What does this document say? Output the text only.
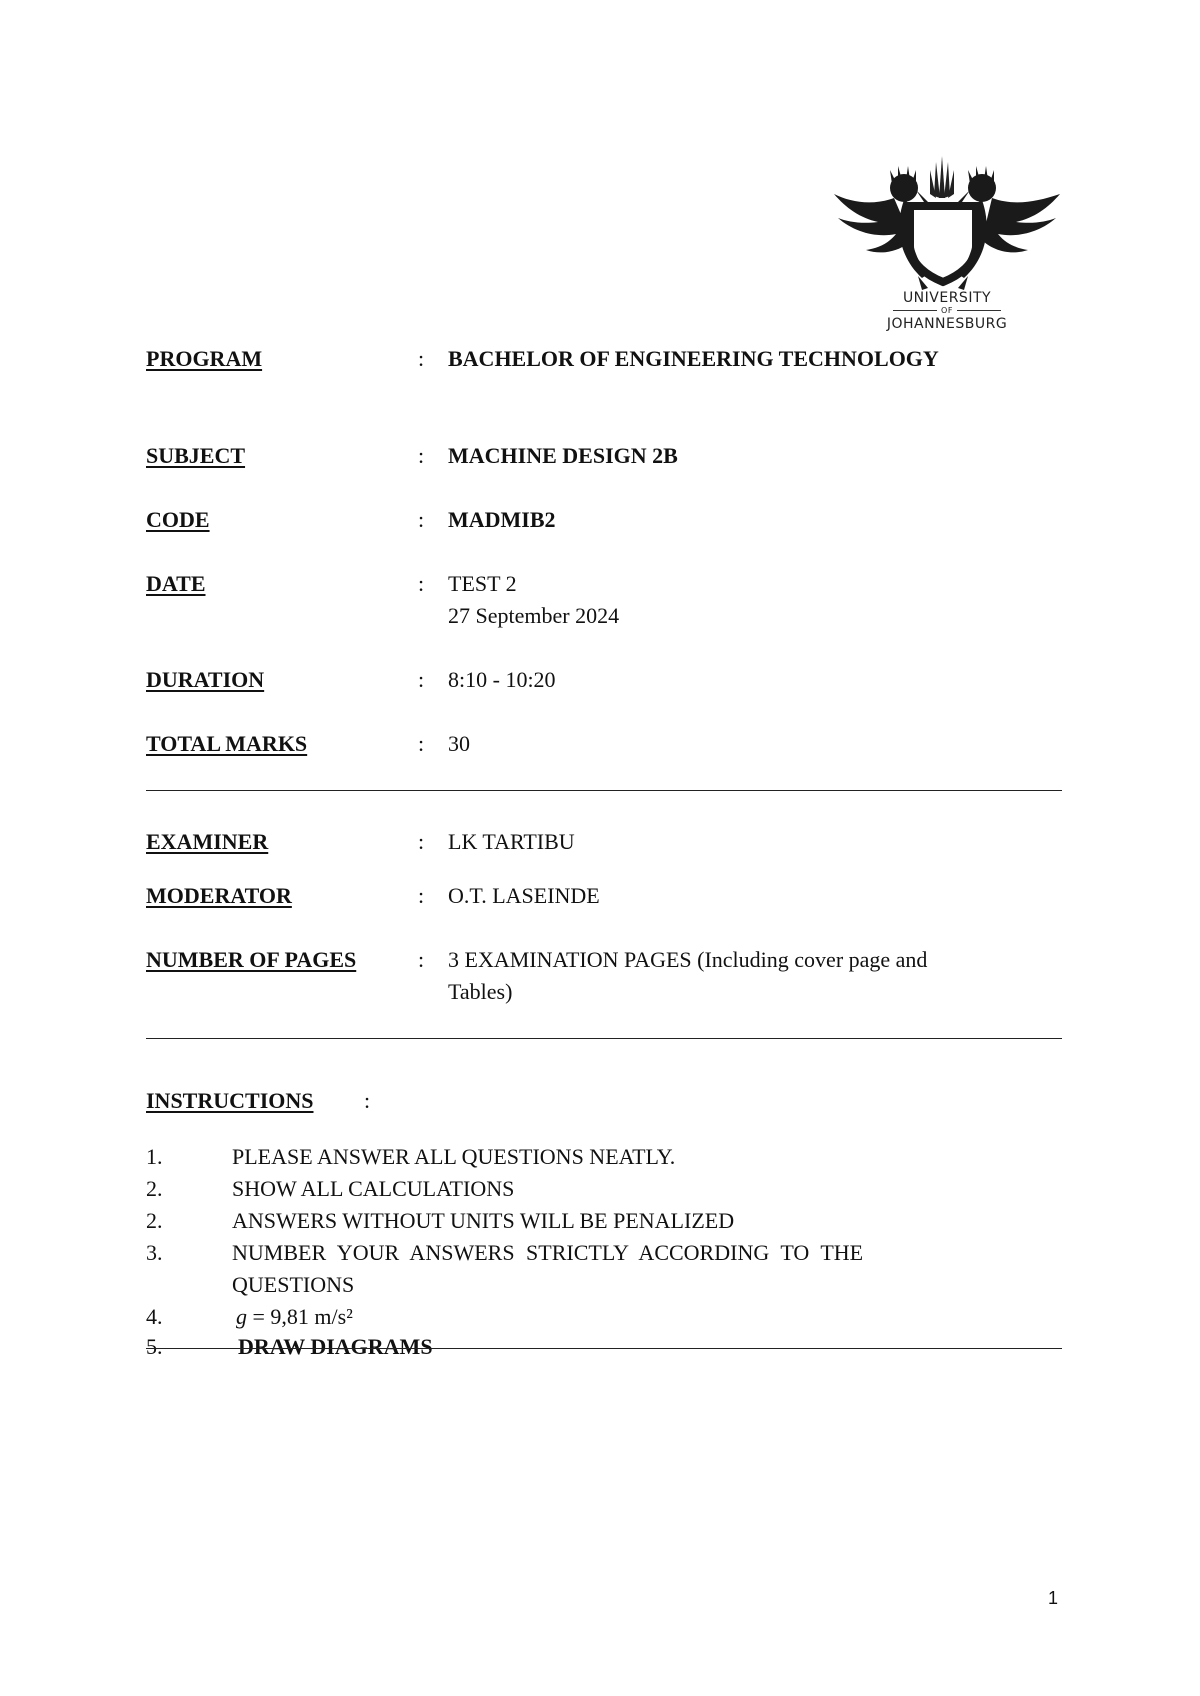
UNIVERSITY
OF
JOHANNESBURG
PROGRAM	: BACHELOR OF ENGINEERING TECHNOLOGY
SUBJECT	: MACHINE DESIGN 2B
CODE	: MADMIB2
DATE	: TEST 2
27 September 2024
DURATION	: 8:10 - 10:20
TOTAL MARKS	: 30
EXAMINER	: LK TARTIBU
MODERATOR	: O.T. LASEINDE
NUMBER OF PAGES	: 3 EXAMINATION PAGES (Including cover page and
Tables)
INSTRUCTIONS :
1.	PLEASE ANSWER ALL QUESTIONS NEATLY.
2.	SHOW ALL CALCULATIONS
2.	ANSWERS WITHOUT UNITS WILL BE PENALIZED
3.	NUMBER YOUR ANSWERS STRICTLY ACCORDING TO THE
QUESTIONS
4.	g = 9,81 m/s²
5.	DRAW DIAGRAMS
1
